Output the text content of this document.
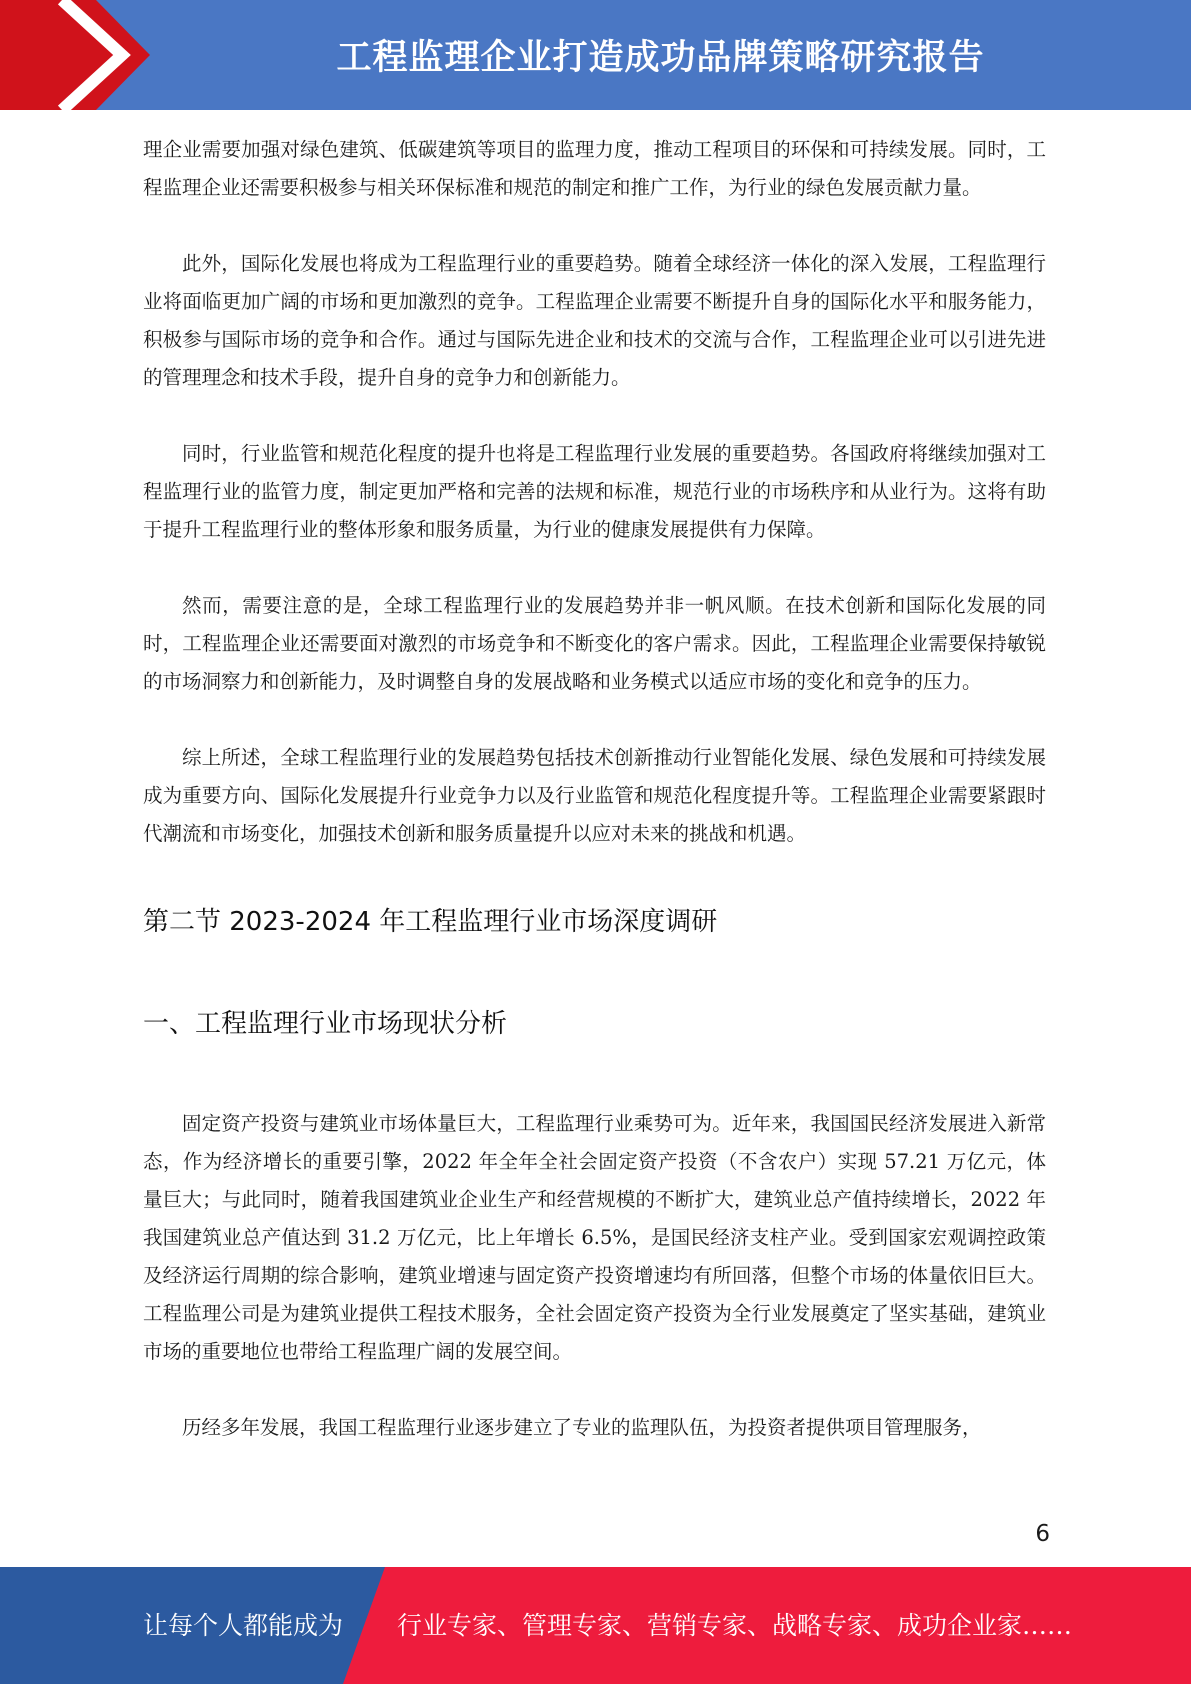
工程监理企业打造成功品牌策略研究报告

理企业需要加强对绿色建筑、低碳建筑等项目的监理力度，推动工程项目的环保和可持续发展。同时，工程监理企业还需要积极参与相关环保标准和规范的制定和推广工作，为行业的绿色发展贡献力量。

此外，国际化发展也将成为工程监理行业的重要趋势。随着全球经济一体化的深入发展，工程监理行业将面临更加广阔的市场和更加激烈的竞争。工程监理企业需要不断提升自身的国际化水平和服务能力，积极参与国际市场的竞争和合作。通过与国际先进企业和技术的交流与合作，工程监理企业可以引进先进的管理理念和技术手段，提升自身的竞争力和创新能力。

同时，行业监管和规范化程度的提升也将是工程监理行业发展的重要趋势。各国政府将继续加强对工程监理行业的监管力度，制定更加严格和完善的法规和标准，规范行业的市场秩序和从业行为。这将有助于提升工程监理行业的整体形象和服务质量，为行业的健康发展提供有力保障。

然而，需要注意的是，全球工程监理行业的发展趋势并非一帆风顺。在技术创新和国际化发展的同时，工程监理企业还需要面对激烈的市场竞争和不断变化的客户需求。因此，工程监理企业需要保持敏锐的市场洞察力和创新能力，及时调整自身的发展战略和业务模式以适应市场的变化和竞争的压力。

综上所述，全球工程监理行业的发展趋势包括技术创新推动行业智能化发展、绿色发展和可持续发展成为重要方向、国际化发展提升行业竞争力以及行业监管和规范化程度提升等。工程监理企业需要紧跟时代潮流和市场变化，加强技术创新和服务质量提升以应对未来的挑战和机遇。

第二节 2023-2024 年工程监理行业市场深度调研
一、工程监理行业市场现状分析

固定资产投资与建筑业市场体量巨大，工程监理行业乘势可为。近年来，我国国民经济发展进入新常态，作为经济增长的重要引擎，2022 年全年全社会固定资产投资（不含农户）实现 57.21 万亿元，体量巨大；与此同时，随着我国建筑业企业生产和经营规模的不断扩大，建筑业总产值持续增长，2022 年我国建筑业总产值达到 31.2 万亿元，比上年增长 6.5%，是国民经济支柱产业。受到国家宏观调控政策及经济运行周期的综合影响，建筑业增速与固定资产投资增速均有所回落，但整个市场的体量依旧巨大。工程监理公司是为建筑业提供工程技术服务，全社会固定资产投资为全行业发展奠定了坚实基础，建筑业市场的重要地位也带给工程监理广阔的发展空间。

历经多年发展，我国工程监理行业逐步建立了专业的监理队伍，为投资者提供项目管理服务，

6
让每个人都能成为 行业专家、管理专家、营销专家、战略专家、成功企业家……
